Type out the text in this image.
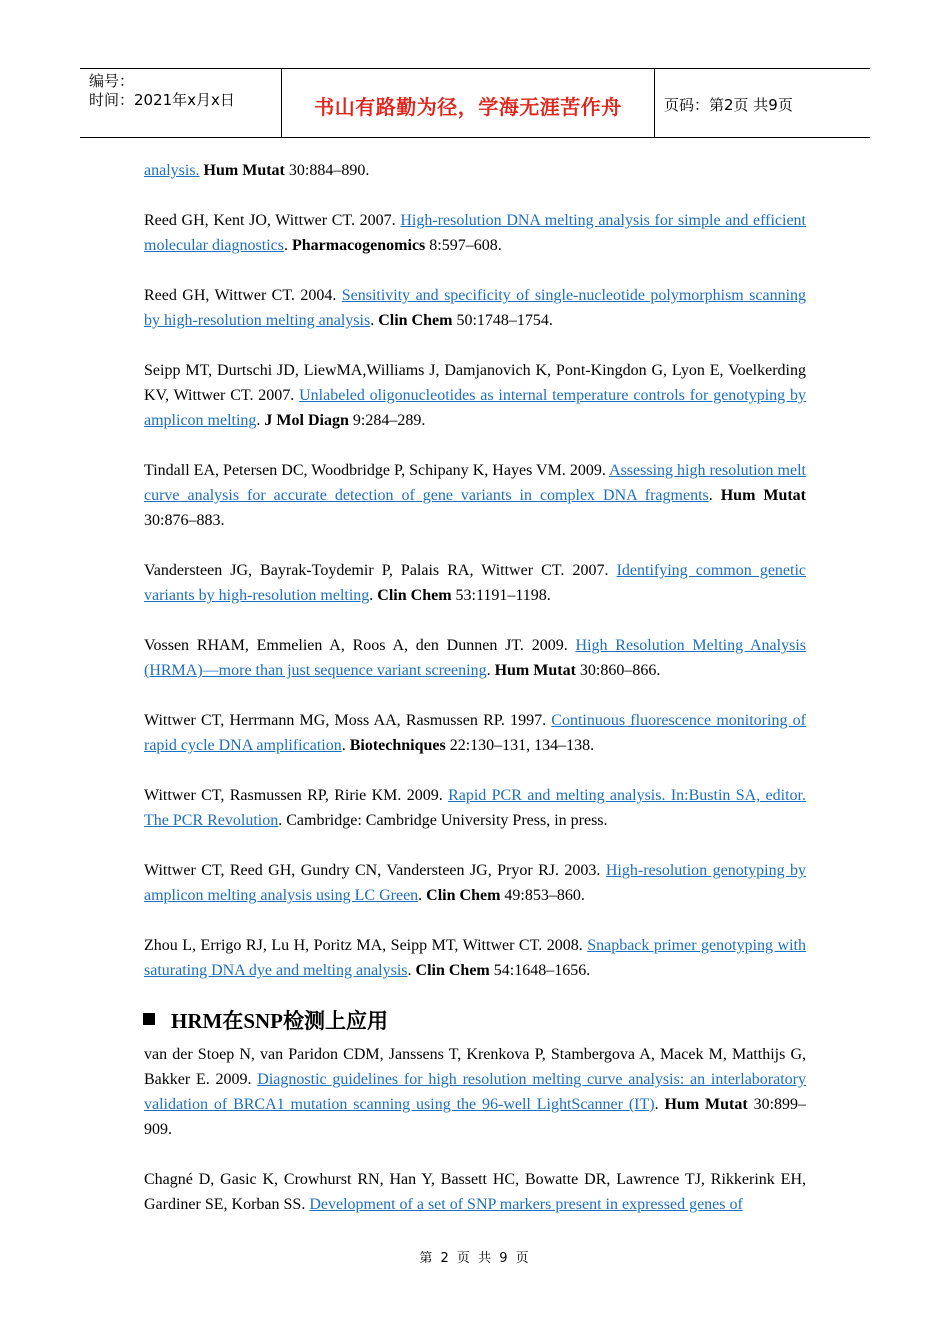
编号：
时间：2021年x月x日	书山有路勤为径，学海无涯苦作舟	页码：第2页 共9页

analysis. Hum Mutat 30:884–890.

Reed GH, Kent JO, Wittwer CT. 2007. High-resolution DNA melting analysis for simple and efficient molecular diagnostics. Pharmacogenomics 8:597–608.

Reed GH, Wittwer CT. 2004. Sensitivity and specificity of single-nucleotide polymorphism scanning by high-resolution melting analysis. Clin Chem 50:1748–1754.

Seipp MT, Durtschi JD, LiewMA,Williams J, Damjanovich K, Pont-Kingdon G, Lyon E, Voelkerding KV, Wittwer CT. 2007. Unlabeled oligonucleotides as internal temperature controls for genotyping by amplicon melting. J Mol Diagn 9:284–289.

Tindall EA, Petersen DC, Woodbridge P, Schipany K, Hayes VM. 2009. Assessing high resolution melt curve analysis for accurate detection of gene variants in complex DNA fragments. Hum Mutat 30:876–883.

Vandersteen JG, Bayrak-Toydemir P, Palais RA, Wittwer CT. 2007. Identifying common genetic variants by high-resolution melting. Clin Chem 53:1191–1198.

Vossen RHAM, Emmelien A, Roos A, den Dunnen JT. 2009. High Resolution Melting Analysis (HRMA)—more than just sequence variant screening. Hum Mutat 30:860–866.

Wittwer CT, Herrmann MG, Moss AA, Rasmussen RP. 1997. Continuous fluorescence monitoring of rapid cycle DNA amplification. Biotechniques 22:130–131, 134–138.

Wittwer CT, Rasmussen RP, Ririe KM. 2009. Rapid PCR and melting analysis. In:Bustin SA, editor. The PCR Revolution. Cambridge: Cambridge University Press, in press.

Wittwer CT, Reed GH, Gundry CN, Vandersteen JG, Pryor RJ. 2003. High-resolution genotyping by amplicon melting analysis using LC Green. Clin Chem 49:853–860.

Zhou L, Errigo RJ, Lu H, Poritz MA, Seipp MT, Wittwer CT. 2008. Snapback primer genotyping with saturating DNA dye and melting analysis. Clin Chem 54:1648–1656.

HRM在SNP检测上应用

van der Stoep N, van Paridon CDM, Janssens T, Krenkova P, Stambergova A, Macek M, Matthijs G, Bakker E. 2009. Diagnostic guidelines for high resolution melting curve analysis: an interlaboratory validation of BRCA1 mutation scanning using the 96-well LightScanner (IT). Hum Mutat 30:899–909.

Chagné D, Gasic K, Crowhurst RN, Han Y, Bassett HC, Bowatte DR, Lawrence TJ, Rikkerink EH, Gardiner SE, Korban SS. Development of a set of SNP markers present in expressed genes of

第 2 页 共 9 页
